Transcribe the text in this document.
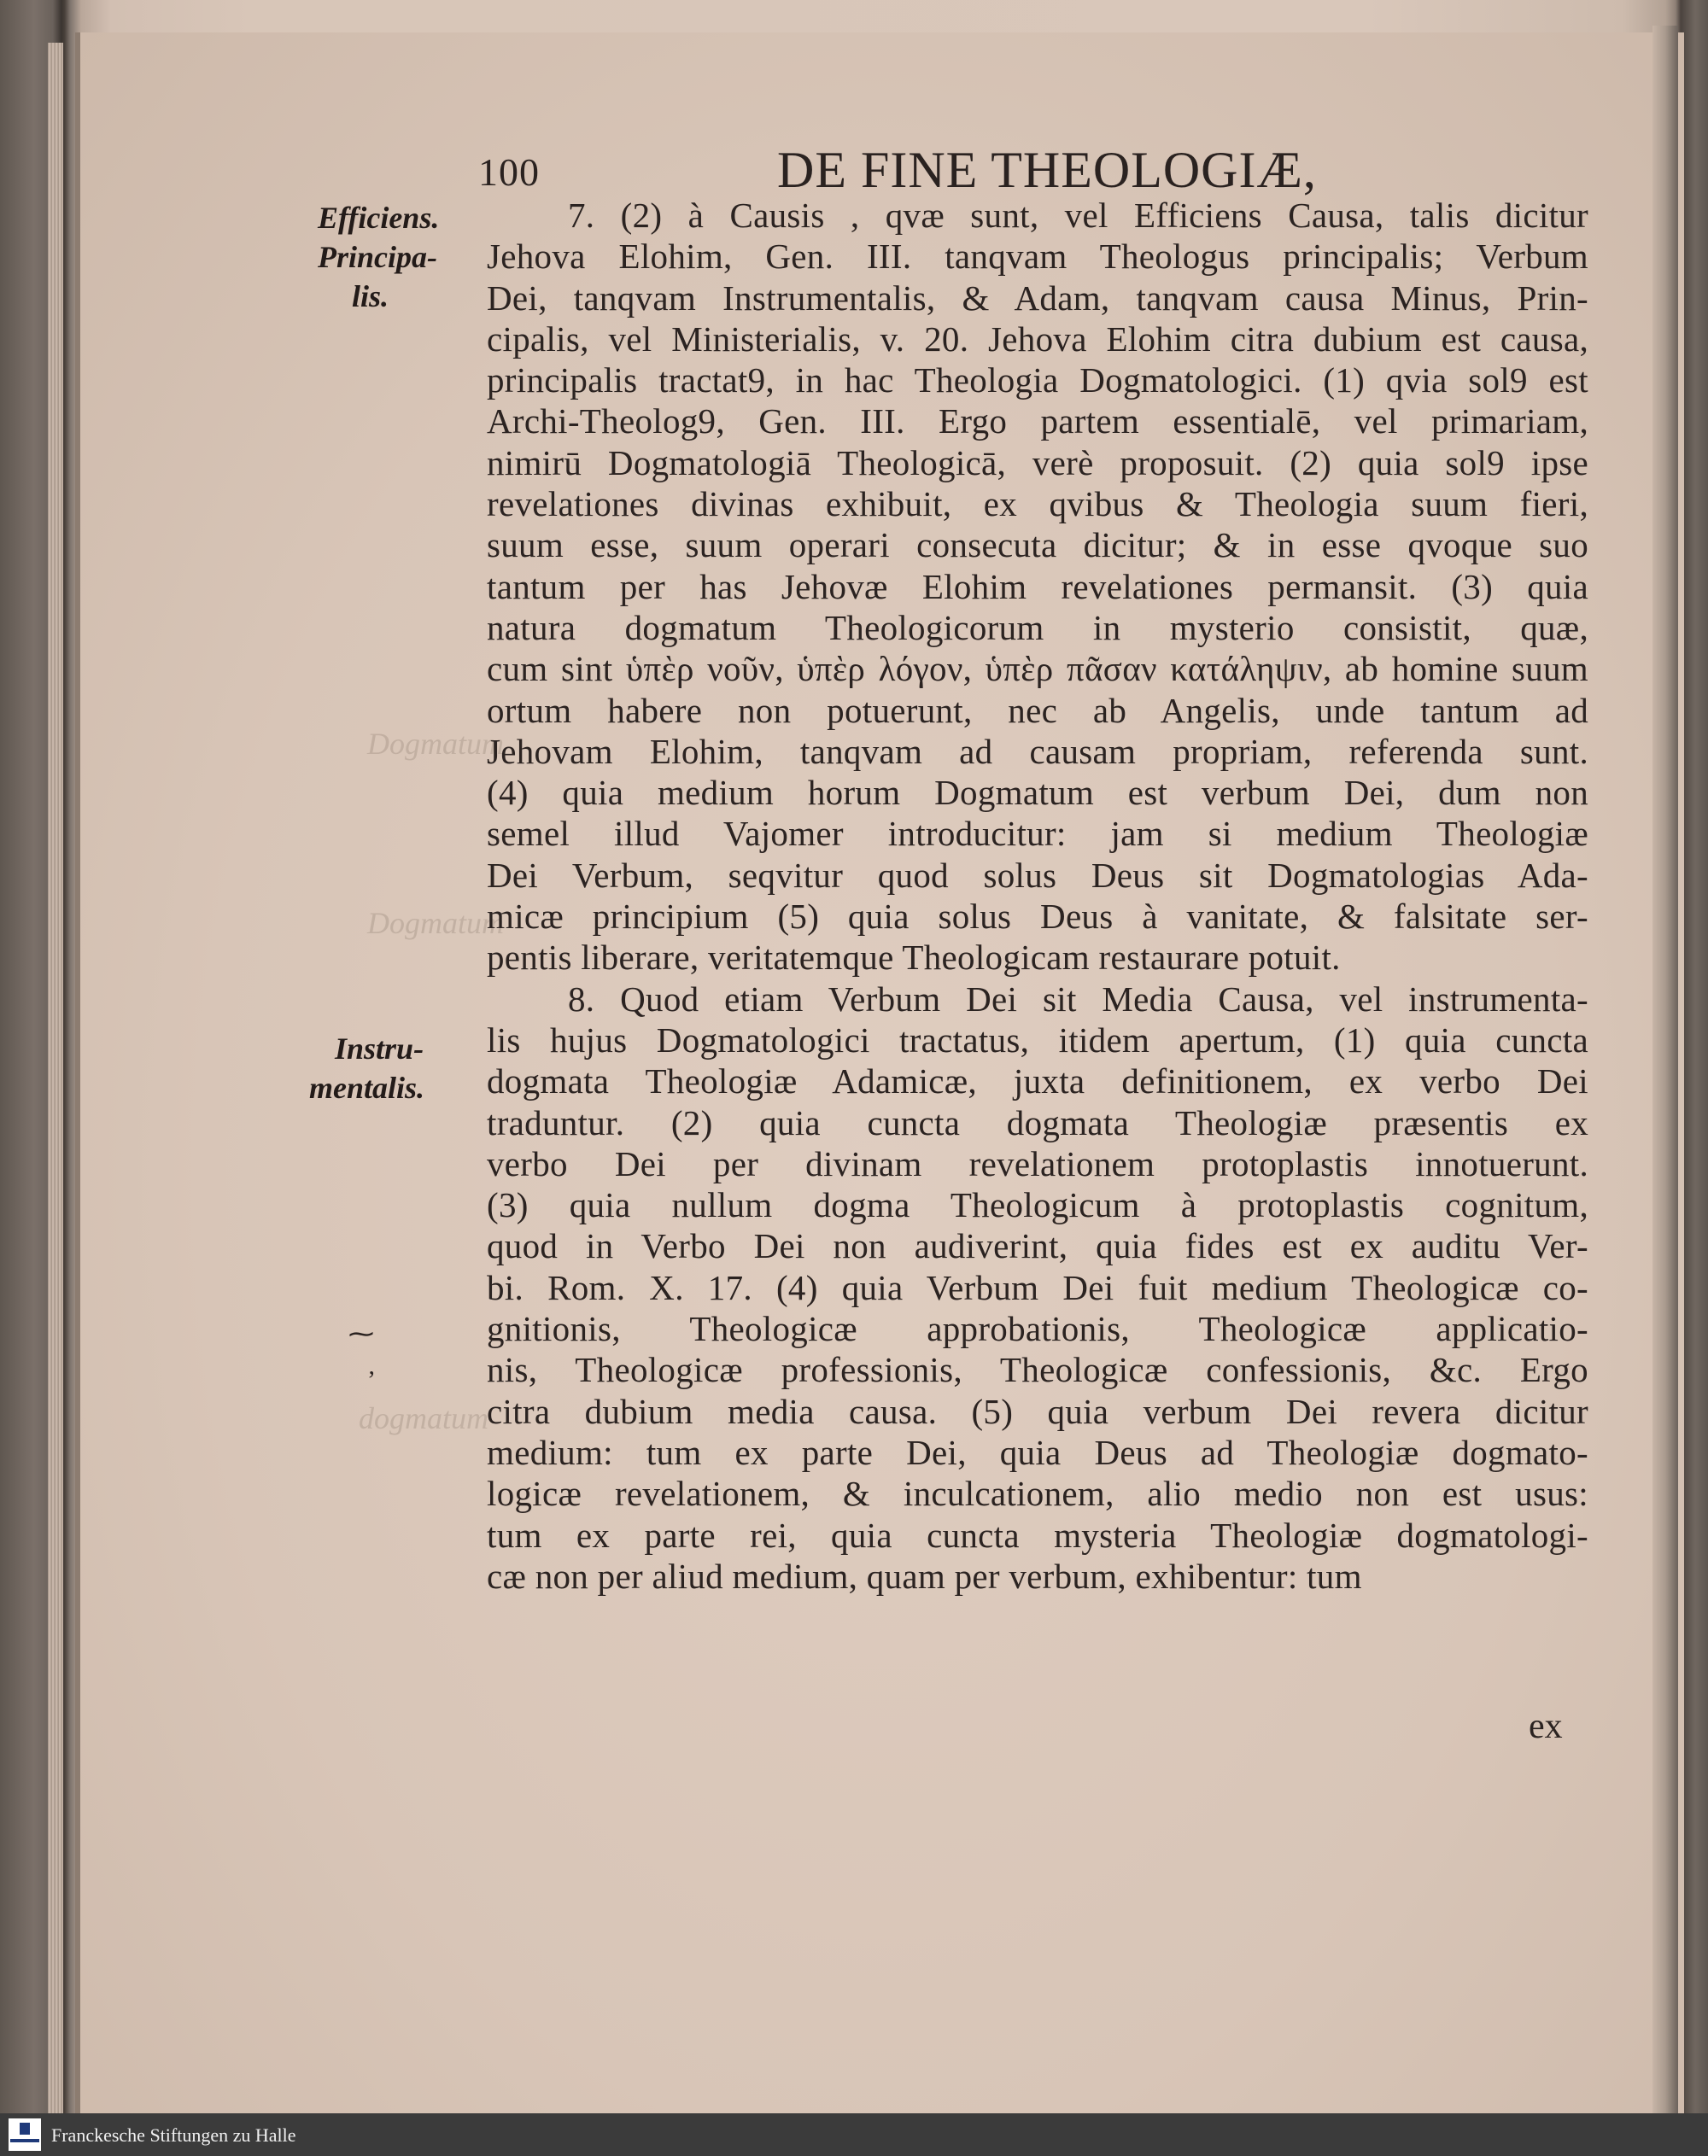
Dogmatum
Dogmatum
dogmatum
100	DE FINE THEOLOGIÆ,
Efficiens.
Principa-
lis.
Instru-
mentalis.
⁓
ʼ
7. (2) à Causis , qvæ sunt, vel Efficiens Causa, talis dicitur
Jehova Elohim, Gen. III. tanqvam Theologus principalis; Verbum
Dei, tanqvam Instrumentalis, & Adam, tanqvam causa Minus, Prin-
cipalis, vel Ministerialis, v. 20. Jehova Elohim citra dubium est causa,
principalis tractat9, in hac Theologia Dogmatologici. (1) qvia sol9 est
Archi-Theolog9, Gen. III. Ergo partem essentialē, vel primariam,
nimirū Dogmatologiā Theologicā, verè proposuit. (2) quia sol9 ipse
revelationes divinas exhibuit, ex qvibus & Theologia suum fieri,
suum esse, suum operari consecuta dicitur; & in esse qvoque suo
tantum per has Jehovæ Elohim revelationes permansit. (3) quia
natura dogmatum Theologicorum in mysterio consistit, quæ,
cum sint ὑπὲρ νοῦν, ὑπὲρ λόγον, ὑπὲρ πᾶσαν κατάληψιν, ab homine suum
ortum habere non potuerunt, nec ab Angelis, unde tantum ad
Jehovam Elohim, tanqvam ad causam propriam, referenda sunt.
(4) quia medium horum Dogmatum est verbum Dei, dum non
semel illud Vajomer introducitur: jam si medium Theologiæ
Dei Verbum, seqvitur quod solus Deus sit Dogmatologias Ada-
micæ principium (5) quia solus Deus à vanitate, & falsitate ser-
pentis liberare, veritatemque Theologicam restaurare potuit.
8. Quod etiam Verbum Dei sit Media Causa, vel instrumenta-
lis hujus Dogmatologici tractatus, itidem apertum, (1) quia cuncta
dogmata Theologiæ Adamicæ, juxta definitionem, ex verbo Dei
traduntur. (2) quia cuncta dogmata Theologiæ præsentis ex
verbo Dei per divinam revelationem protoplastis innotuerunt.
(3) quia nullum dogma Theologicum à protoplastis cognitum,
quod in Verbo Dei non audiverint, quia fides est ex auditu Ver-
bi. Rom. X. 17. (4) quia Verbum Dei fuit medium Theologicæ co-
gnitionis, Theologicæ approbationis, Theologicæ applicatio-
nis, Theologicæ professionis, Theologicæ confessionis, &c. Ergo
citra dubium media causa. (5) quia verbum Dei revera dicitur
medium: tum ex parte Dei, quia Deus ad Theologiæ dogmato-
logicæ revelationem, & inculcationem, alio medio non est usus:
tum ex parte rei, quia cuncta mysteria Theologiæ dogmatologi-
cæ non per aliud medium, quam per verbum, exhibentur: tum
ex
Franckesche Stiftungen zu Halle
